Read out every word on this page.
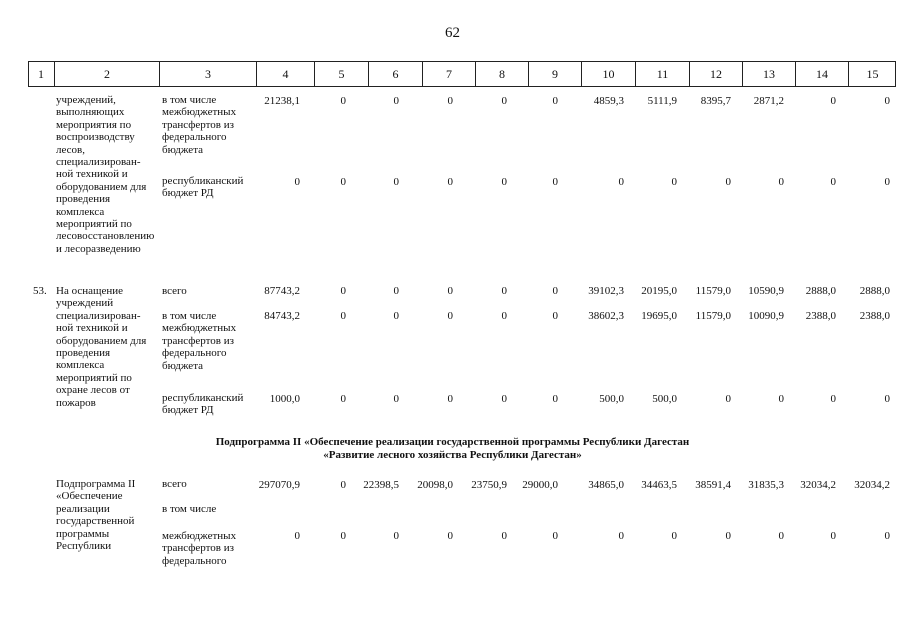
62
1	2	3	4	5	6	7	8	9	10	11	12	13	14	15
Подпрограмма II «Обеспечение реализации государственной программы Республики Дагестан
«Развитие лесного хозяйства Республики Дагестан»
учреждений,
выполняющих
мероприятия по
воспроизводству
лесов,
специализирован-
ной техникой и
оборудованием для
проведения
комплекса
мероприятий по
лесовосстановлению
и лесоразведению
в том числе
межбюджетных
трансфертов из
федерального
бюджета
21238,1	0	0	0	0	0	4859,3 5111,9 8395,7 2871,2	0	0
республиканский
бюджет РД
0	0	0	0	0	0	0	0	0	0	0	0
53. На оснащение
учреждений
специализирован-
ной техникой и
оборудованием для
проведения
комплекса
мероприятий по
охране лесов от
пожаров
всего	87743,2	0	0	0	0	0	39102,3 20195,0 11579,0 10590,9 2888,0 2888,0
в том числе
межбюджетных
трансфертов из
федерального
бюджета
84743,2	0	0	0	0	0	38602,3 19695,0 11579,0 10090,9 2388,0 2388,0
республиканский
бюджет РД
1000,0	0	0	0	0	0	500,0	500,0	0	0	0	0
Подпрограмма II
«Обеспечение
реализации
государственной
программы
Республики
всего	297070,9	0 22398,5 20098,0 23750,9 29000,0	34865,0 34463,5 38591,4 31835,3 32034,2 32034,2
в том числе
межбюджетных
трансфертов из
федерального
0	0	0	0	0	0	0	0	0	0	0	0
